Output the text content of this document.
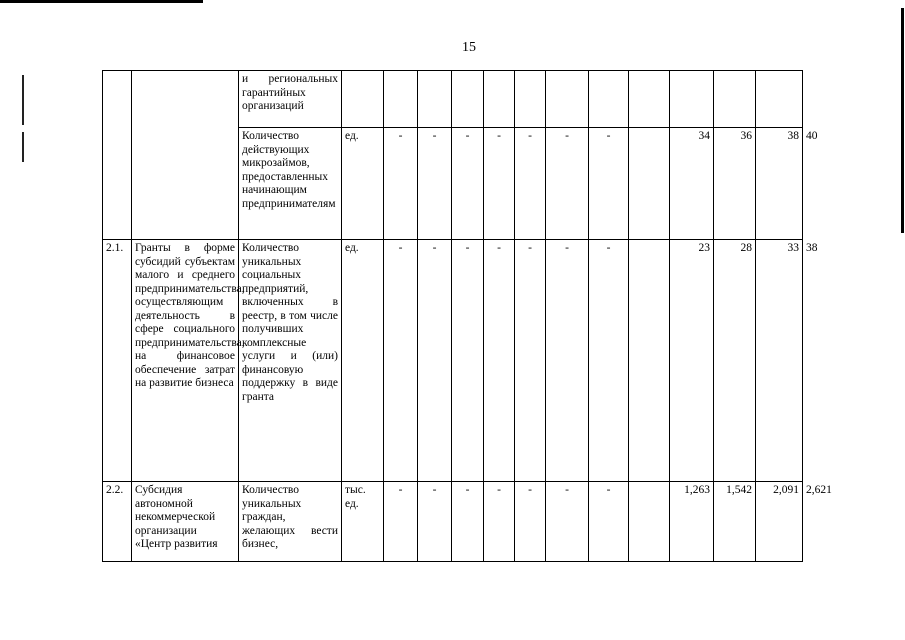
15
		и региональных гарантийных организаций													
		Количество действующих микрозаймов, предоставленных начинающим предпринимателям	ед.	-	-	-	-	-	-	-		34	36	38	40
2.1.	Гранты в форме субсидий субъектам малого и среднего предпринимательства, осуществляющим деятельность в сфере социального предпринимательства, на финансовое обеспечение затрат на развитие бизнеса	Количество уникальных социальных предприятий, включенных в реестр, в том числе получивших комплексные услуги и (или) финансовую поддержку в виде гранта	ед.	-	-	-	-	-	-	-		23	28	33	38
2.2.	Субсидия автономной некоммерческой организации «Центр развития	Количество уникальных граждан, желающих вести бизнес,	тыс. ед.	-	-	-	-	-	-	-		1,263	1,542	2,091	2,621
